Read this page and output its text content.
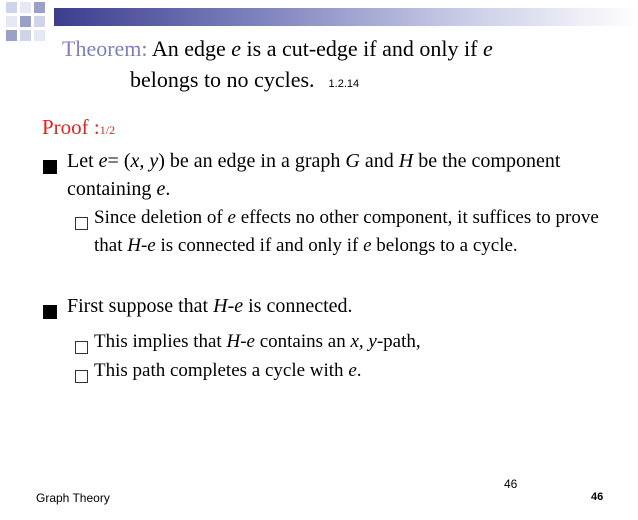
Theorem: An edge e is a cut-edge if and only if e
belongs to no cycles. 1.2.14
Proof :1/2
Let e= (x, y) be an edge in a graph G and H be the component containing e.
Since deletion of e effects no other component, it suffices to prove that H-e is connected if and only if e belongs to a cycle.
First suppose that H-e is connected.
This implies that H-e contains an x, y-path,
This path completes a cycle with e.
46
Graph Theory	46
